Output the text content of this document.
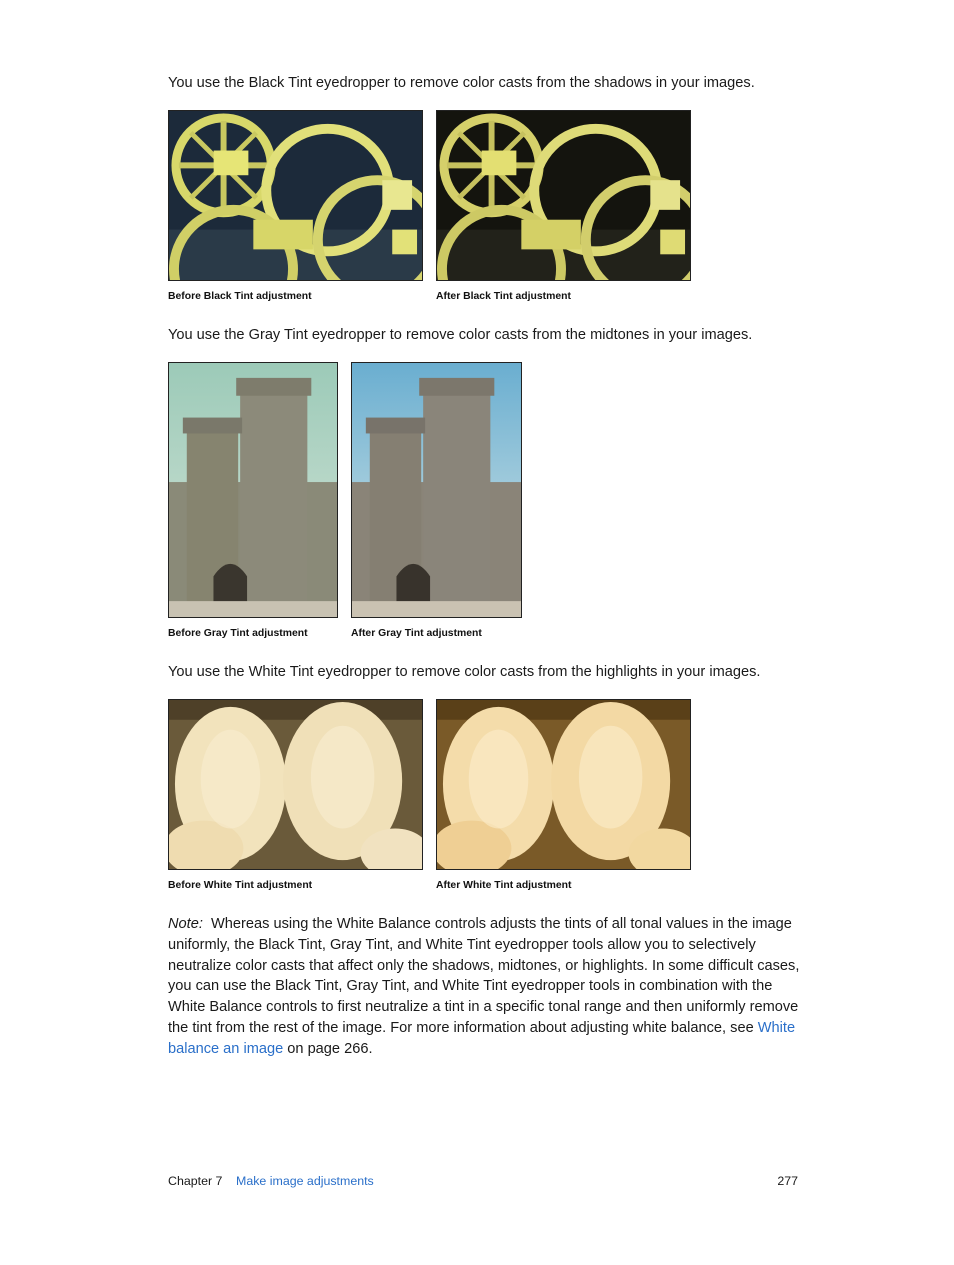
You use the Black Tint eyedropper to remove color casts from the shadows in your images.

Before Black Tint adjustment	After Black Tint adjustment

You use the Gray Tint eyedropper to remove color casts from the midtones in your images.

Before Gray Tint adjustment	After Gray Tint adjustment

You use the White Tint eyedropper to remove color casts from the highlights in your images.

Before White Tint adjustment	After White Tint adjustment

Note: Whereas using the White Balance controls adjusts the tints of all tonal values in the image uniformly, the Black Tint, Gray Tint, and White Tint eyedropper tools allow you to selectively neutralize color casts that affect only the shadows, midtones, or highlights. In some difficult cases, you can use the Black Tint, Gray Tint, and White Tint eyedropper tools in combination with the White Balance controls to first neutralize a tint in a specific tonal range and then uniformly remove the tint from the rest of the image. For more information about adjusting white balance, see White balance an image on page 266.

Chapter 7 Make image adjustments	277
